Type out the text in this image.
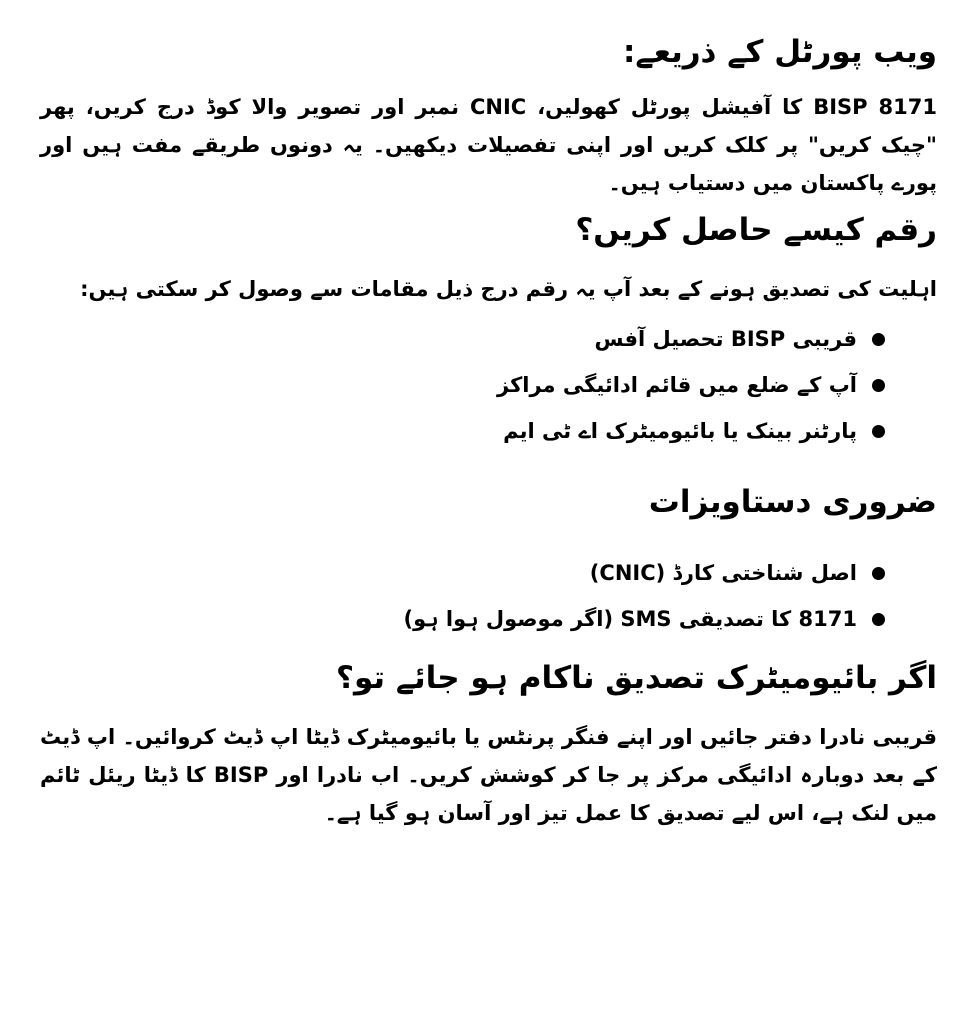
ویب پورٹل کے ذریعے:

BISP 8171 کا آفیشل پورٹل کھولیں، CNIC نمبر اور تصویر والا کوڈ درج کریں، پھر "چیک کریں" پر کلک کریں اور اپنی تفصیلات دیکھیں۔ یہ دونوں طریقے مفت ہیں اور پورے پاکستان میں دستیاب ہیں۔

رقم کیسے حاصل کریں؟

اہلیت کی تصدیق ہونے کے بعد آپ یہ رقم درج ذیل مقامات سے وصول کر سکتی ہیں:

قریبی BISP تحصیل آفس
آپ کے ضلع میں قائم ادائیگی مراکز
پارٹنر بینک یا بائیومیٹرک اے ٹی ایم
ضروری دستاویزات
اصل شناختی کارڈ (CNIC)
8171 کا تصدیقی SMS (اگر موصول ہوا ہو)
اگر بائیومیٹرک تصدیق ناکام ہو جائے تو؟

قریبی نادرا دفتر جائیں اور اپنے فنگر پرنٹس یا بائیومیٹرک ڈیٹا اپ ڈیٹ کروائیں۔ اپ ڈیٹ کے بعد دوبارہ ادائیگی مرکز پر جا کر کوشش کریں۔ اب نادرا اور BISP کا ڈیٹا ریئل ٹائم میں لنک ہے، اس لیے تصدیق کا عمل تیز اور آسان ہو گیا ہے۔
